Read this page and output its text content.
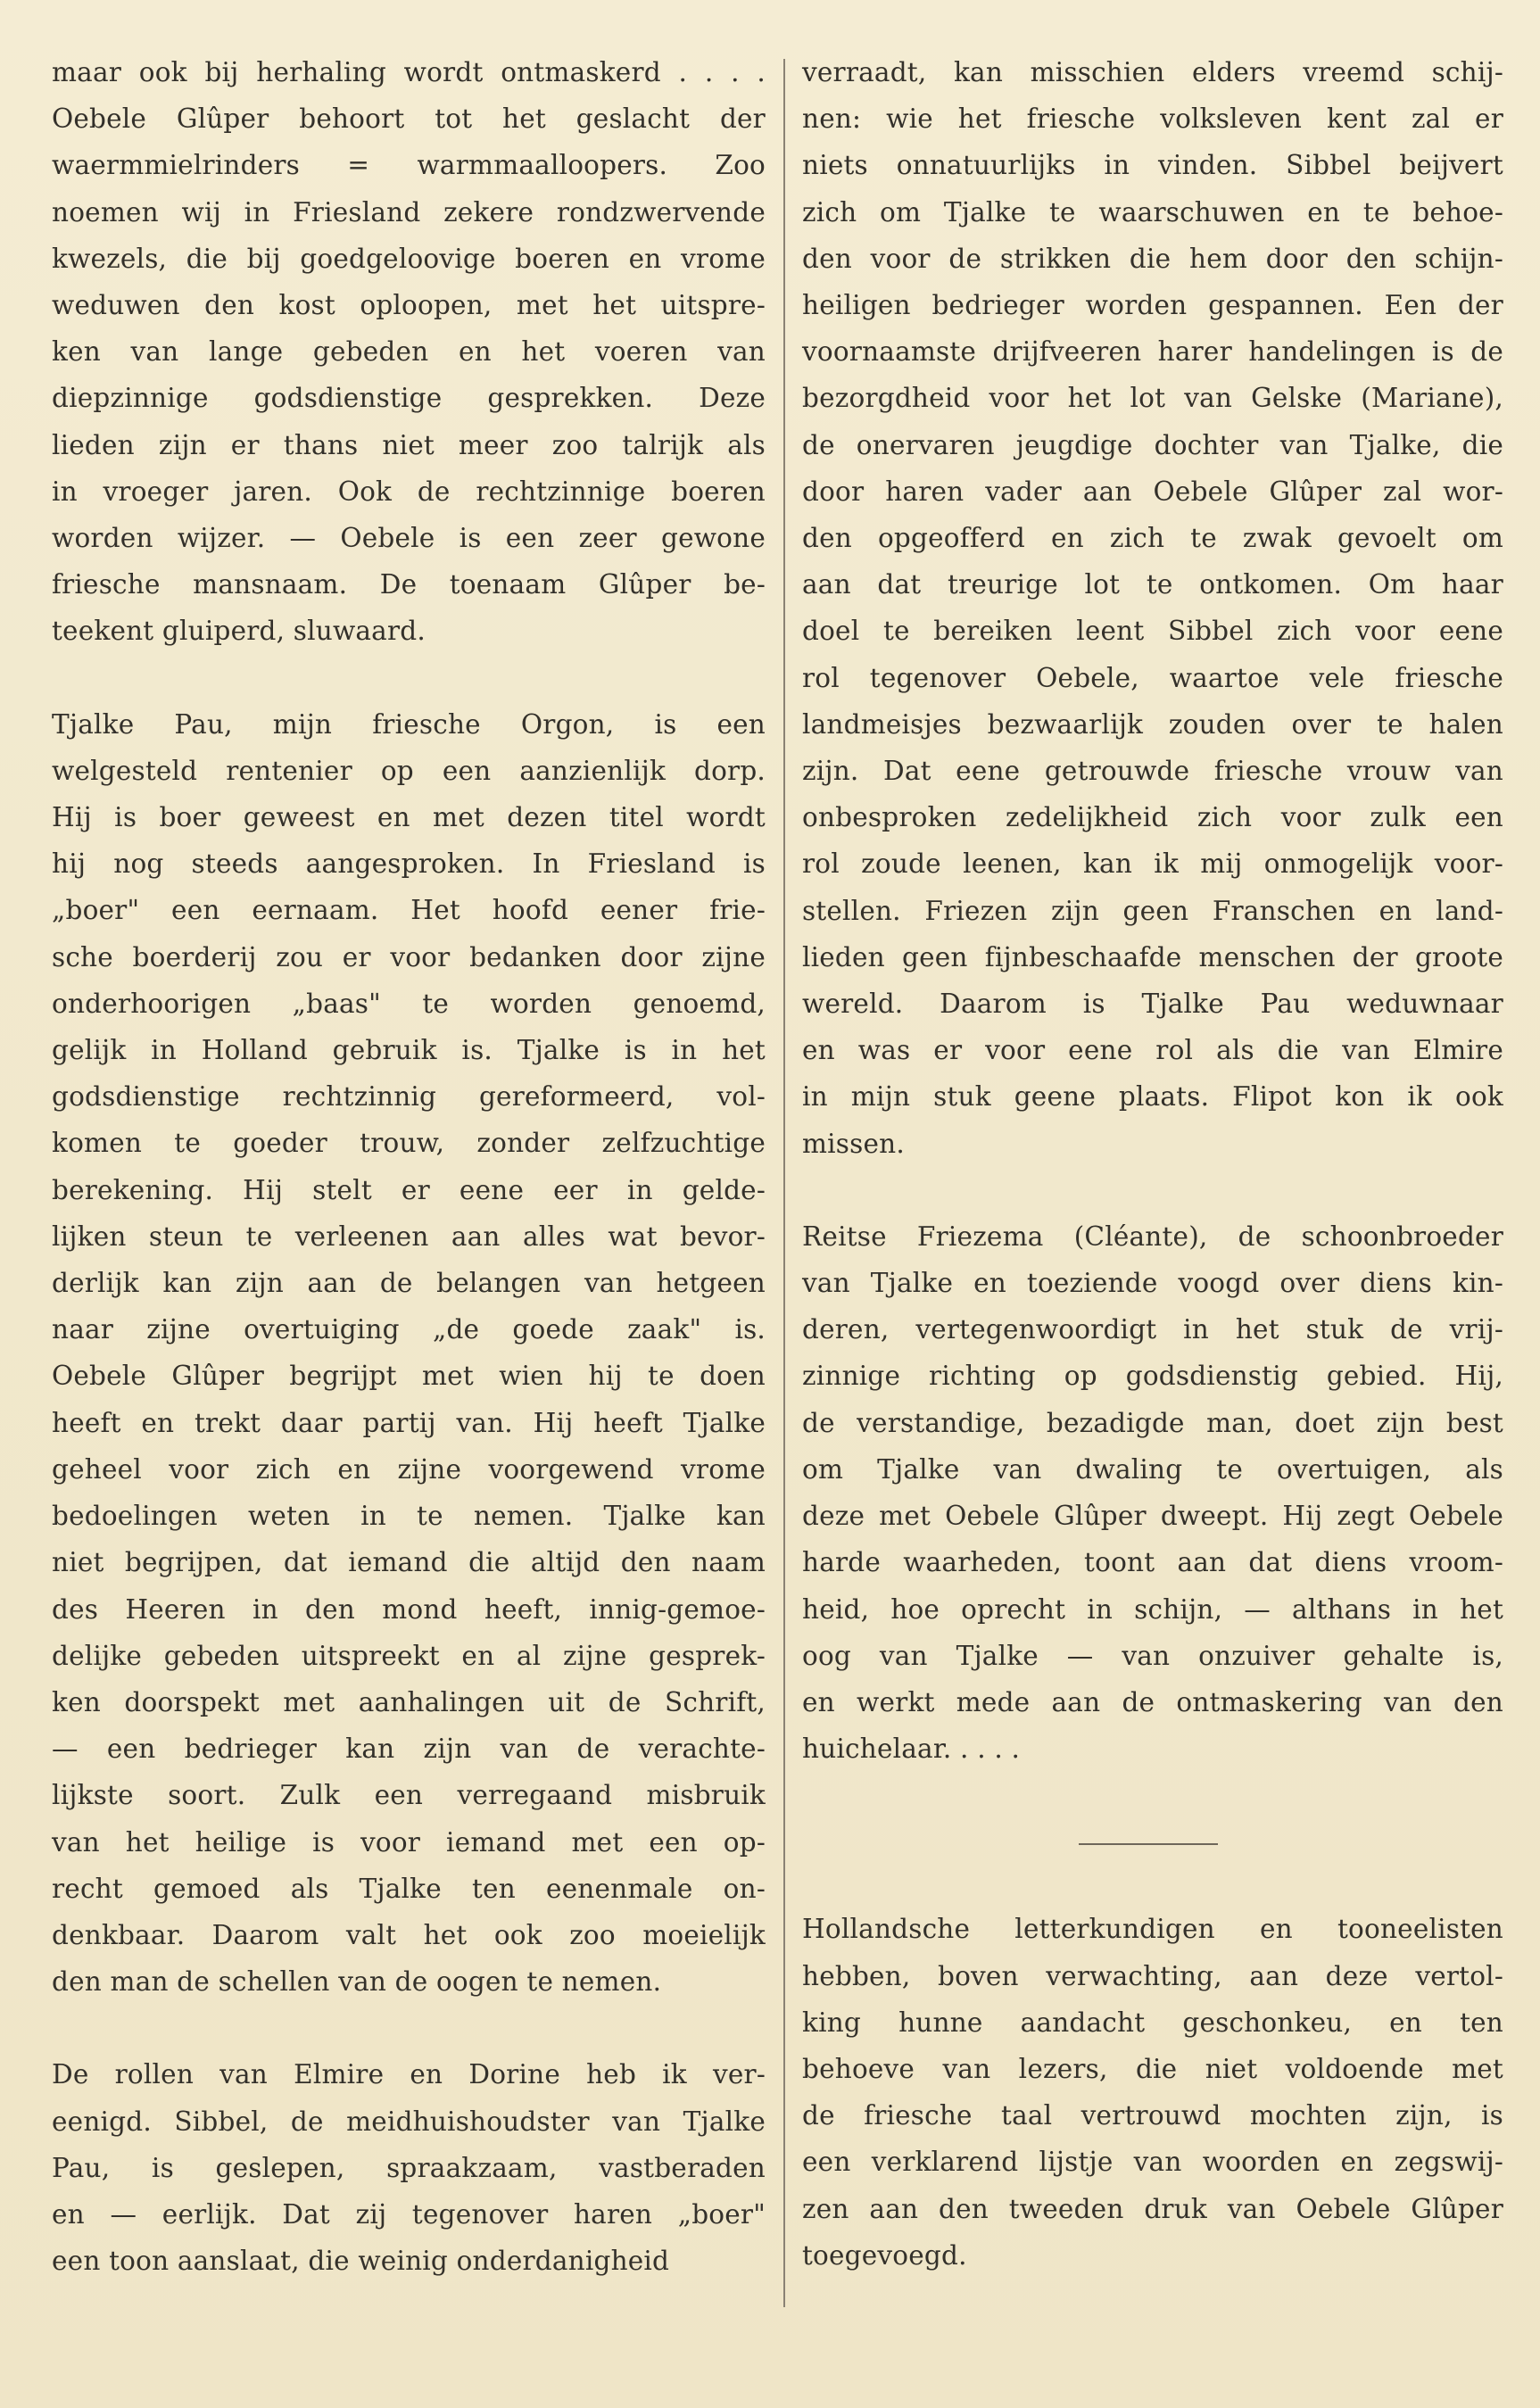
maar ook bij herhaling wordt ontmaskerd . . . .
Oebele Glûper behoort tot het geslacht der
waermmielrinders = warmmaalloopers. Zoo
noemen wij in Friesland zekere rondzwervende
kwezels, die bij goedgeloovige boeren en vrome
weduwen den kost oploopen, met het uitspre-
ken van lange gebeden en het voeren van
diepzinnige godsdienstige gesprekken. Deze
lieden zijn er thans niet meer zoo talrijk als
in vroeger jaren. Ook de rechtzinnige boeren
worden wijzer. — Oebele is een zeer gewone
friesche mansnaam. De toenaam Glûper be-
teekent gluiperd, sluwaard.

Tjalke Pau, mijn friesche Orgon, is een
welgesteld rentenier op een aanzienlijk dorp.
Hij is boer geweest en met dezen titel wordt
hij nog steeds aangesproken. In Friesland is
„boer" een eernaam. Het hoofd eener frie-
sche boerderij zou er voor bedanken door zijne
onderhoorigen „baas" te worden genoemd,
gelijk in Holland gebruik is. Tjalke is in het
godsdienstige rechtzinnig gereformeerd, vol-
komen te goeder trouw, zonder zelfzuchtige
berekening. Hij stelt er eene eer in gelde-
lijken steun te verleenen aan alles wat bevor-
derlijk kan zijn aan de belangen van hetgeen
naar zijne overtuiging „de goede zaak" is.
Oebele Glûper begrijpt met wien hij te doen
heeft en trekt daar partij van. Hij heeft Tjalke
geheel voor zich en zijne voorgewend vrome
bedoelingen weten in te nemen. Tjalke kan
niet begrijpen, dat iemand die altijd den naam
des Heeren in den mond heeft, innig-gemoe-
delijke gebeden uitspreekt en al zijne gesprek-
ken doorspekt met aanhalingen uit de Schrift,
— een bedrieger kan zijn van de verachte-
lijkste soort. Zulk een verregaand misbruik
van het heilige is voor iemand met een op-
recht gemoed als Tjalke ten eenenmale on-
denkbaar. Daarom valt het ook zoo moeielijk
den man de schellen van de oogen te nemen.

De rollen van Elmire en Dorine heb ik ver-
eenigd. Sibbel, de meidhuishoudster van Tjalke
Pau, is geslepen, spraakzaam, vastberaden
en — eerlijk. Dat zij tegenover haren „boer"
een toon aanslaat, die weinig onderdanigheid

verraadt, kan misschien elders vreemd schij-
nen: wie het friesche volksleven kent zal er
niets onnatuurlijks in vinden. Sibbel beijvert
zich om Tjalke te waarschuwen en te behoe-
den voor de strikken die hem door den schijn-
heiligen bedrieger worden gespannen. Een der
voornaamste drijfveeren harer handelingen is de
bezorgdheid voor het lot van Gelske (Mariane),
de onervaren jeugdige dochter van Tjalke, die
door haren vader aan Oebele Glûper zal wor-
den opgeofferd en zich te zwak gevoelt om
aan dat treurige lot te ontkomen. Om haar
doel te bereiken leent Sibbel zich voor eene
rol tegenover Oebele, waartoe vele friesche
landmeisjes bezwaarlijk zouden over te halen
zijn. Dat eene getrouwde friesche vrouw van
onbesproken zedelijkheid zich voor zulk een
rol zoude leenen, kan ik mij onmogelijk voor-
stellen. Friezen zijn geen Franschen en land-
lieden geen fijnbeschaafde menschen der groote
wereld. Daarom is Tjalke Pau weduwnaar
en was er voor eene rol als die van Elmire
in mijn stuk geene plaats. Flipot kon ik ook
missen.

Reitse Friezema (Cléante), de schoonbroeder
van Tjalke en toeziende voogd over diens kin-
deren, vertegenwoordigt in het stuk de vrij-
zinnige richting op godsdienstig gebied. Hij,
de verstandige, bezadigde man, doet zijn best
om Tjalke van dwaling te overtuigen, als
deze met Oebele Glûper dweept. Hij zegt Oebele
harde waarheden, toont aan dat diens vroom-
heid, hoe oprecht in schijn, — althans in het
oog van Tjalke — van onzuiver gehalte is,
en werkt mede aan de ontmaskering van den
huichelaar. . . . .

Hollandsche letterkundigen en tooneelisten
hebben, boven verwachting, aan deze vertol-
king hunne aandacht geschonkeu, en ten
behoeve van lezers, die niet voldoende met
de friesche taal vertrouwd mochten zijn, is
een verklarend lijstje van woorden en zegswij-
zen aan den tweeden druk van Oebele Glûper
toegevoegd.
